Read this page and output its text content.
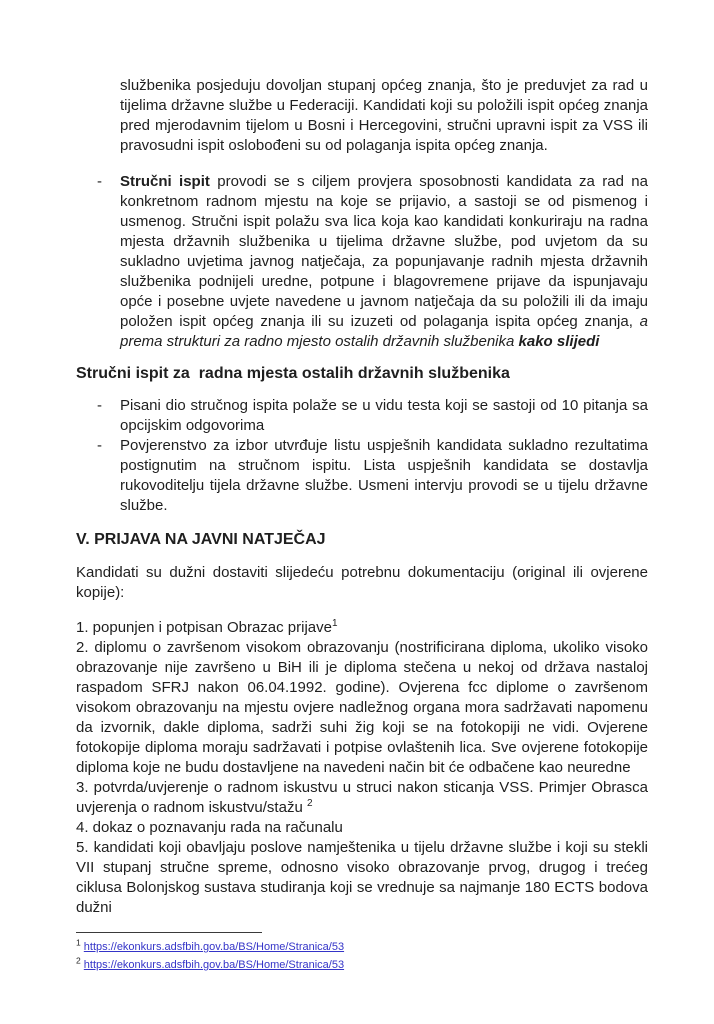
službenika posjeduju dovoljan stupanj općeg znanja, što je preduvjet za rad u tijelima državne službe u Federaciji. Kandidati koji su položili ispit općeg znanja pred mjerodavnim tijelom u Bosni i Hercegovini, stručni upravni ispit za VSS ili pravosudni ispit oslobođeni su od polaganja ispita općeg znanja.

-	Stručni ispit provodi se s ciljem provjera sposobnosti kandidata za rad na konkretnom radnom mjestu na koje se prijavio, a sastoji se od pismenog i usmenog. Stručni ispit polažu sva lica koja kao kandidati konkuriraju na radna mjesta državnih službenika u tijelima državne službe, pod uvjetom da su sukladno uvjetima javnog natječaja, za popunjavanje radnih mjesta državnih službenika podnijeli uredne, potpune i blagovremene prijave da ispunjavaju opće i posebne uvjete navedene u javnom natječaja da su položili ili da imaju položen ispit općeg znanja ili su izuzeti od polaganja ispita općeg znanja, a prema strukturi za radno mjesto ostalih državnih službenika kako slijedi

Stručni ispit za  radna mjesta ostalih državnih službenika
-	Pisani dio stručnog ispita polaže se u vidu testa koji se sastoji od 10 pitanja sa opcijskim odgovorima

-	Povjerenstvo za izbor utvrđuje listu uspješnih kandidata sukladno rezultatima postignutim na stručnom ispitu. Lista uspješnih kandidata se dostavlja rukovoditelju tijela državne službe. Usmeni intervju provodi se u tijelu državne službe.

V. PRIJAVA NA JAVNI NATJEČAJ

Kandidati su dužni dostaviti slijedeću potrebnu dokumentaciju (original ili ovjerene kopije):

1. popunjen i potpisan Obrazac prijave$^1$

2. diplomu o završenom visokom obrazovanju (nostrificirana diploma, ukoliko visoko obrazovanje nije završeno u BiH ili je diploma stečena u nekoj od država nastaloj raspadom SFRJ nakon 06.04.1992. godine). Ovjerena fcc diplome o završenom visokom obrazovanju na mjestu ovjere nadležnog organa mora sadržavati napomenu da izvornik, dakle diploma, sadrži suhi žig koji se na fotokopiji ne vidi. Ovjerene fotokopije diploma moraju sadržavati i potpise ovlaštenih lica. Sve ovjerene fotokopije diploma koje ne budu dostavljene na navedeni način bit će odbačene kao neuredne

3. potvrda/uvjerenje o radnom iskustvu u struci nakon sticanja VSS. Primjer Obrasca uvjerenja o radnom iskustvu/stažu $^2$

4. dokaz o poznavanju rada na računalu

5. kandidati koji obavljaju poslove namještenika u tijelu državne službe i koji su stekli VII stupanj stručne spreme, odnosno visoko obrazovanje prvog, drugog i trećeg ciklusa Bolonjskog sustava studiranja koji se vrednuje sa najmanje 180 ECTS bodova dužni

$^1$ https://ekonkurs.adsfbih.gov.ba/BS/Home/Stranica/53
$^2$ https://ekonkurs.adsfbih.gov.ba/BS/Home/Stranica/53
